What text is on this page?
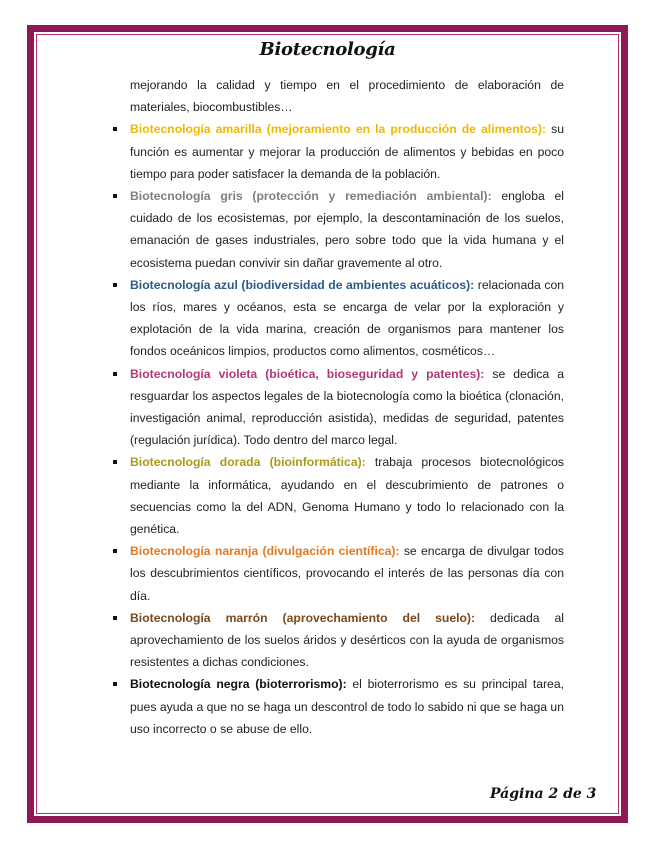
Biotecnología

mejorando la calidad y tiempo en el procedimiento de elaboración de materiales, biocombustibles…

Biotecnología amarilla (mejoramiento en la producción de alimentos): su función es aumentar y mejorar la producción de alimentos y bebidas en poco tiempo para poder satisfacer la demanda de la población.
Biotecnología gris (protección y remediación ambiental): engloba el cuidado de los ecosistemas, por ejemplo, la descontaminación de los suelos, emanación de gases industriales, pero sobre todo que la vida humana y el ecosistema puedan convivir sin dañar gravemente al otro.
Biotecnología azul (biodiversidad de ambientes acuáticos): relacionada con los ríos, mares y océanos, esta se encarga de velar por la exploración y explotación de la vida marina, creación de organismos para mantener los fondos oceánicos limpios, productos como alimentos, cosméticos…
Biotecnología violeta (bioética, bioseguridad y patentes): se dedica a resguardar los aspectos legales de la biotecnología como la bioética (clonación, investigación animal, reproducción asistida), medidas de seguridad, patentes (regulación jurídica). Todo dentro del marco legal.
Biotecnología dorada (bioinformática): trabaja procesos biotecnológicos mediante la informática, ayudando en el descubrimiento de patrones o secuencias como la del ADN, Genoma Humano y todo lo relacionado con la genética.
Biotecnología naranja (divulgación científica): se encarga de divulgar todos los descubrimientos científicos, provocando el interés de las personas día con día.
Biotecnología marrón (aprovechamiento del suelo): dedicada al aprovechamiento de los suelos áridos y desérticos con la ayuda de organismos resistentes a dichas condiciones.
Biotecnología negra (bioterrorismo): el bioterrorismo es su principal tarea, pues ayuda a que no se haga un descontrol de todo lo sabido ni que se haga un uso incorrecto o se abuse de ello.
Página 2 de 3
